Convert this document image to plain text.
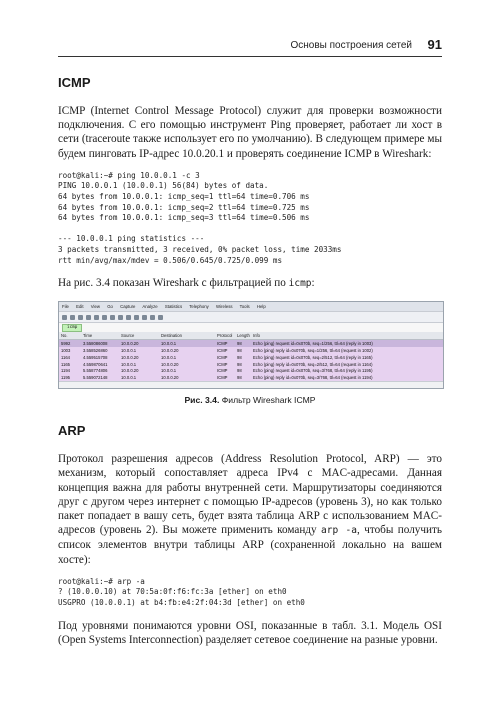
Основы построения сетей 91
ICMP

ICMP (Internet Control Message Protocol) служит для проверки возможности подключения. С его помощью инструмент Ping проверяет, работает ли хост в сети (traceroute также использует его по умолчанию). В следующем примере мы будем пинговать IP-адрес 10.0.20.1 и проверять соединение ICMP в Wireshark:

root@kali:~# ping 10.0.0.1 -c 3
PING 10.0.0.1 (10.0.0.1) 56(84) bytes of data.
64 bytes from 10.0.0.1: icmp_seq=1 ttl=64 time=0.706 ms
64 bytes from 10.0.0.1: icmp_seq=2 ttl=64 time=0.725 ms
64 bytes from 10.0.0.1: icmp_seq=3 ttl=64 time=0.506 ms

--- 10.0.0.1 ping statistics ---
3 packets transmitted, 3 received, 0% packet loss, time 2033ms
rtt min/avg/max/mdev = 0.506/0.645/0.725/0.099 ms

На рис. 3.4 показан Wireshark с фильтрацией по icmp:

File Edit View Go Capture Analyze Statistics Telephony Wireless Tools Help
icmp
No.	Time	Source	Destination	Protocol	Length	Info
5992	3.558086008	10.0.0.20	10.0.0.1	ICMP	98	Echo (ping) request id=0x070b, seq=1/256, ttl=64 (reply in 1003)
1003	3.558526860	10.0.0.1	10.0.0.20	ICMP	98	Echo (ping) reply id=0x070b, seq=1/256, ttl=64 (request in 1002)
1164	4.559515708	10.0.0.20	10.0.0.1	ICMP	98	Echo (ping) request id=0x070b, seq=2/512, ttl=64 (reply in 1165)
1165	4.559870641	10.0.0.1	10.0.0.20	ICMP	98	Echo (ping) reply id=0x070b, seq=2/512, ttl=64 (request in 1164)
1194	5.558774806	10.0.0.20	10.0.0.1	ICMP	98	Echo (ping) request id=0x070b, seq=3/768, ttl=64 (reply in 1195)
1195	5.559072148	10.0.0.1	10.0.0.20	ICMP	98	Echo (ping) reply id=0x070b, seq=3/768, ttl=64 (request in 1194)
Рис. 3.4. Фильтр Wireshark ICMP
ARP

Протокол разрешения адресов (Address Resolution Protocol, ARP) — это механизм, который сопоставляет адреса IPv4 с MAC-адресами. Данная концепция важна для работы внутренней сети. Маршрутизаторы соединяются друг с другом через интернет с помощью IP-адресов (уровень 3), но как только пакет попадает в вашу сеть, будет взята таблица ARP с использованием MAC-адресов (уровень 2). Вы можете применить команду arp -a, чтобы получить список элементов внутри таблицы ARP (сохраненной локально на вашем хосте):

root@kali:~# arp -a
? (10.0.0.10) at 70:5a:0f:f6:fc:3a [ether] on eth0
USGPRO (10.0.0.1) at b4:fb:e4:2f:04:3d [ether] on eth0

Под уровнями понимаются уровни OSI, показанные в табл. 3.1. Модель OSI (Open Systems Interconnection) разделяет сетевое соединение на разные уровни.
